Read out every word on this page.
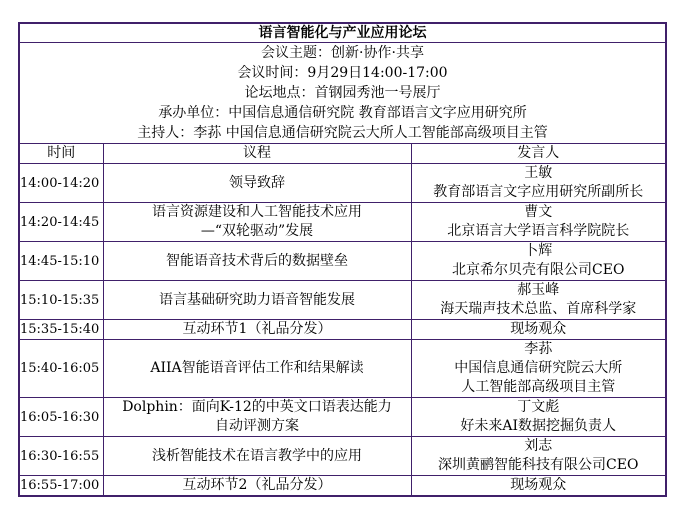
语言智能化与产业应用论坛
会议主题：创新·协作·共享
会议时间：9月29日14:00-17:00
论坛地点：首钢园秀池一号展厅
承办单位：中国信息通信研究院 教育部语言文字应用研究所
主持人：李荪 中国信息通信研究院云大所人工智能部高级项目主管
时间	议程	发言人
14:00-14:20	领导致辞	王敏
教育部语言文字应用研究所副所长

14:20-14:45	语言资源建设和人工智能技术应用
—“双轮驱动”发展	曹文
北京语言大学语言科学院院长

14:45-15:10	智能语音技术背后的数据壁垒	卜辉
北京希尔贝壳有限公司CEO

15:10-15:35	语言基础研究助力语音智能发展	郝玉峰
海天瑞声技术总监、首席科学家

15:35-15:40	互动环节1（礼品分发）	现场观众

15:40-16:05	AIIA智能语音评估工作和结果解读	李荪
中国信息通信研究院云大所
人工智能部高级项目主管

16:05-16:30	Dolphin：面向K-12的中英文口语表达能力
自动评测方案	丁文彪
好未来AI数据挖掘负责人

16:30-16:55	浅析智能技术在语言教学中的应用	刘志
深圳黄鹂智能科技有限公司CEO

16:55-17:00	互动环节2（礼品分发）	现场观众
